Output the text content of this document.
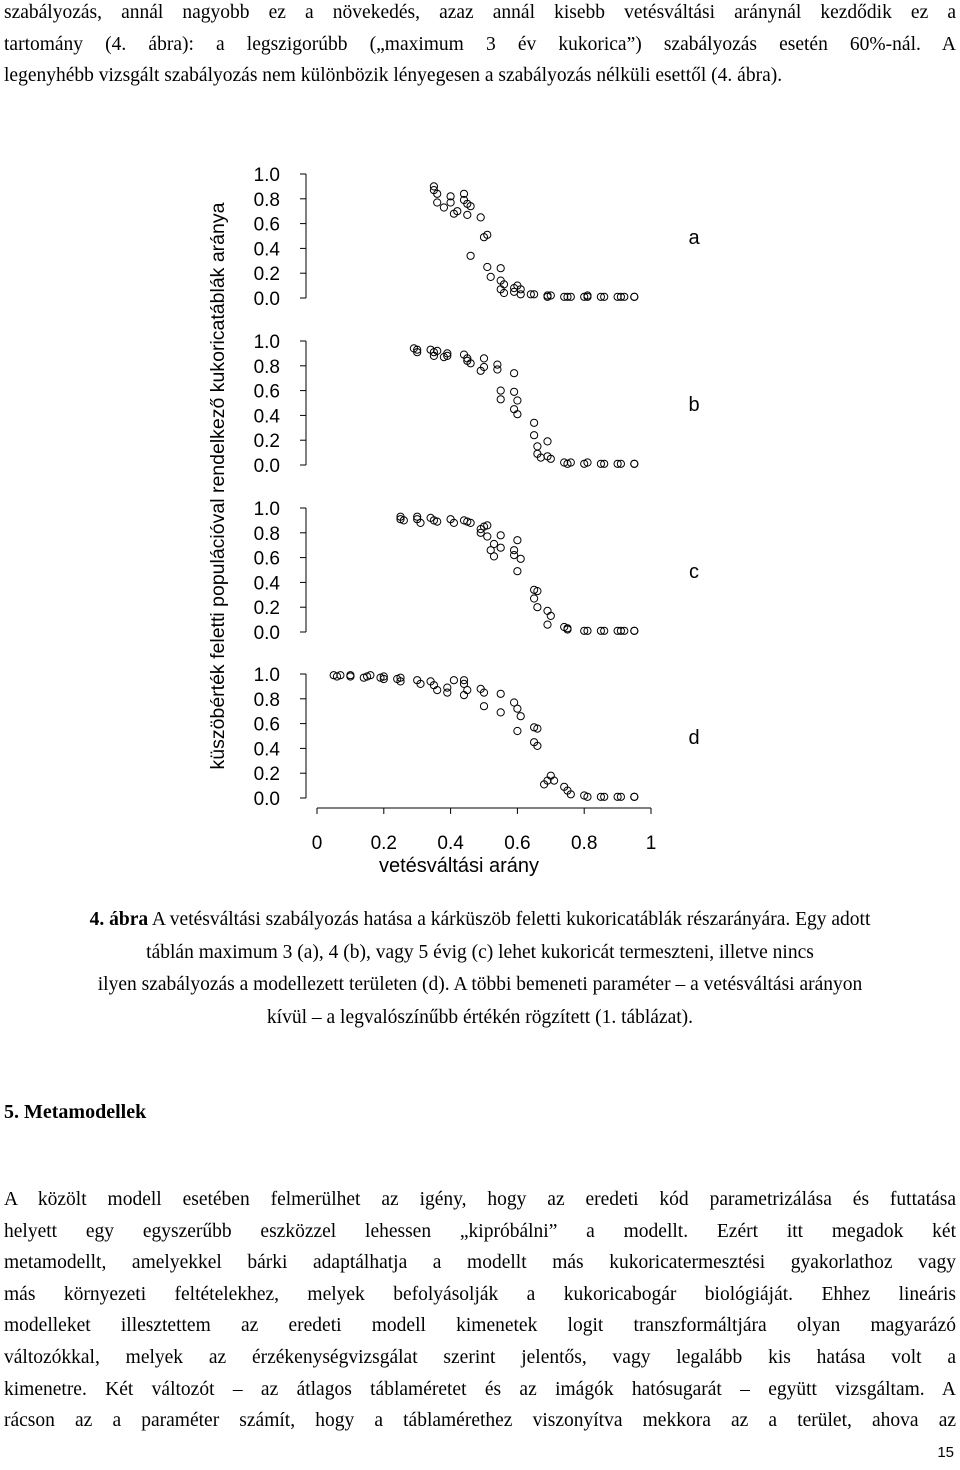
szabályozás, annál nagyobb ez a növekedés, azaz annál kisebb vetésváltási aránynál kezdődik ez a
tartomány (4. ábra): a legszigorúbb („maximum 3 év kukorica”) szabályozás esetén 60%-nál. A
legenyhébb vizsgált szabályozás nem különbözik lényegesen a szabályozás nélküli esettől (4. ábra).
0.0
0.2
0.4
0.6
0.8
1.0
a
0.0
0.2
0.4
0.6
0.8
1.0
b
0.0
0.2
0.4
0.6
0.8
1.0
c
0.0
0.2
0.4
0.6
0.8
1.0
d
küszöbérték feletti populációval rendelkező kukoricatáblák aránya
0	0.2 0.4 0.6 0.8	1
vetésváltási arány
4. ábra A vetésváltási szabályozás hatása a kárküszöb feletti kukoricatáblák részarányára. Egy adott
táblán maximum 3 (a), 4 (b), vagy 5 évig (c) lehet kukoricát termeszteni, illetve nincs
ilyen szabályozás a modellezett területen (d). A többi bemeneti paraméter – a vetésváltási arányon
kívül – a legvalószínűbb értékén rögzített (1. táblázat).
5. Metamodellek
A közölt modell esetében felmerülhet az igény, hogy az eredeti kód parametrizálása és futtatása
helyett egy egyszerűbb eszközzel lehessen „kipróbálni” a modellt. Ezért itt megadok két
metamodellt, amelyekkel bárki adaptálhatja a modellt más kukoricatermesztési gyakorlathoz vagy
más környezeti feltételekhez, melyek befolyásolják a kukoricabogár biológiáját. Ehhez lineáris
modelleket illesztettem az eredeti modell kimenetek logit transzformáltjára olyan magyarázó
változókkal, melyek az érzékenységvizsgálat szerint jelentős, vagy legalább kis hatása volt a
kimenetre. Két változót – az átlagos táblaméretet és az imágók hatósugarát – együtt vizsgáltam. A
rácson az a paraméter számít, hogy a táblamérethez viszonyítva mekkora az a terület, ahova az
15
